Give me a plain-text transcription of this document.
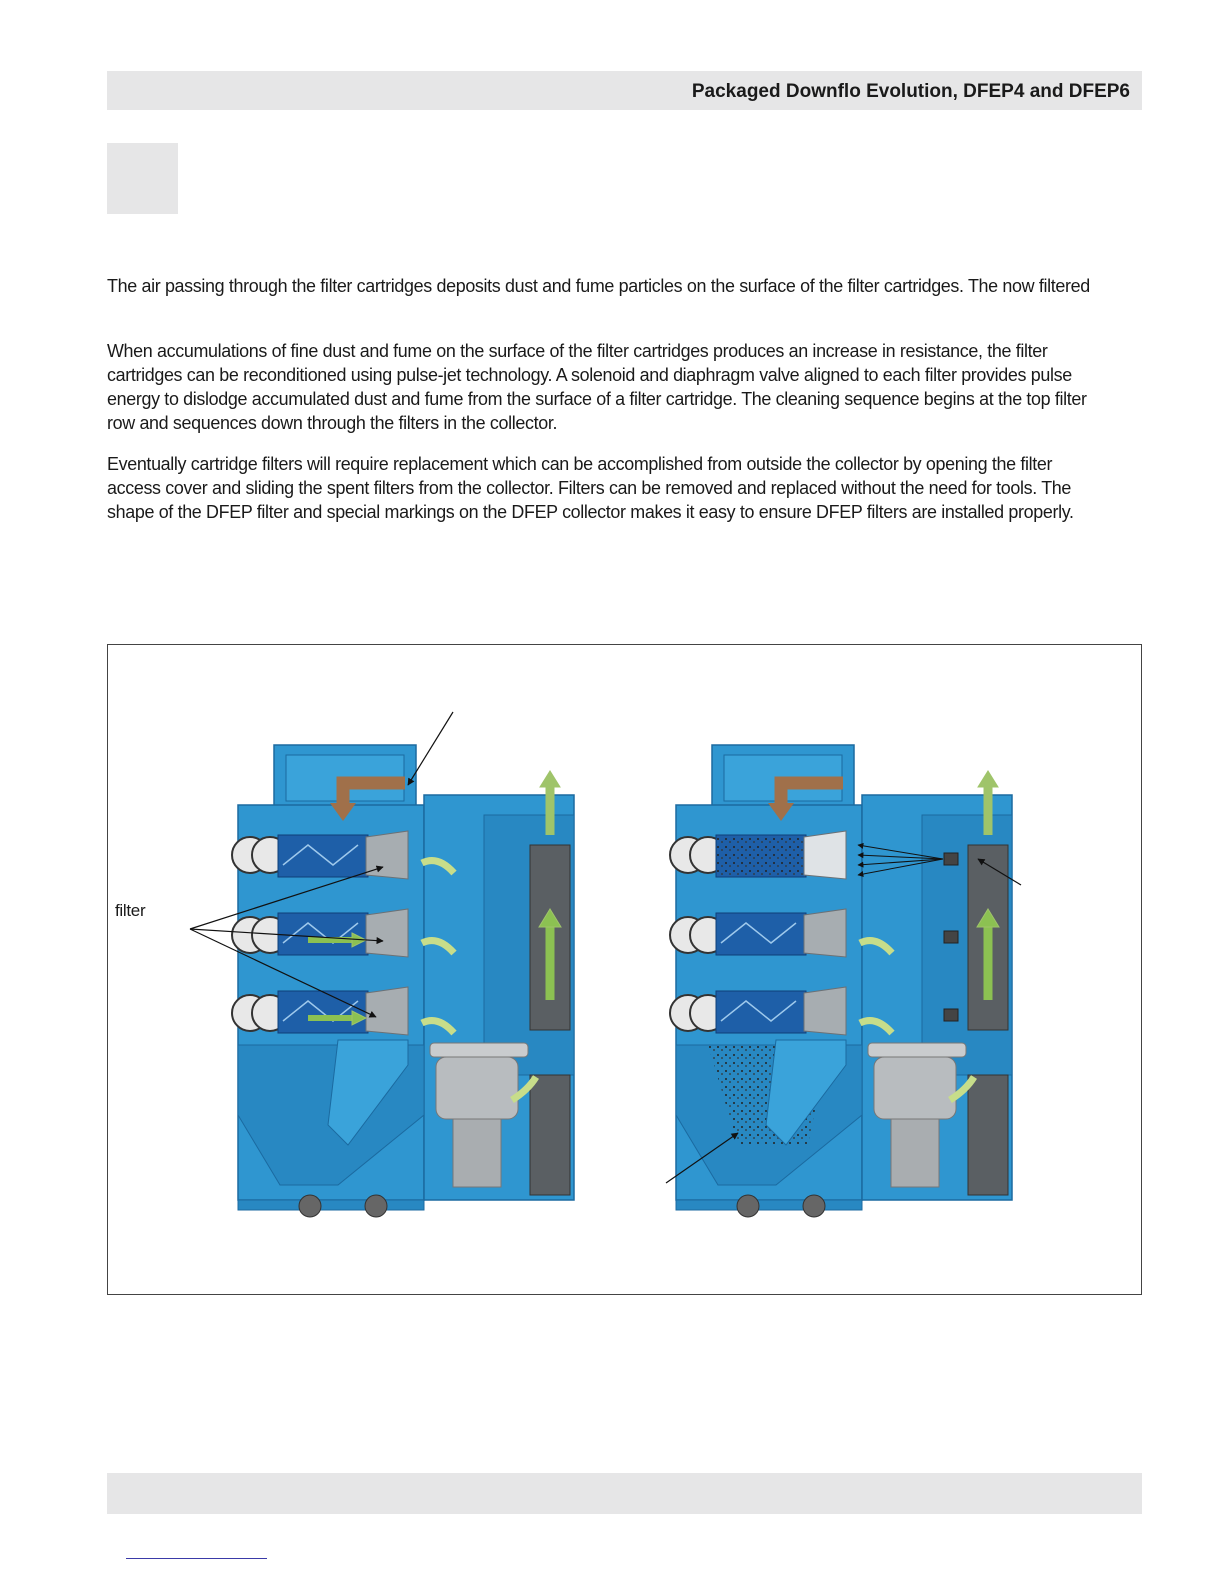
Packaged Downflo Evolution, DFEP4 and DFEP6
The air passing through the filter cartridges deposits dust and fume particles on the surface of the filter cartridges. The now filtered
When accumulations of fine dust and fume on the surface of the filter cartridges produces an increase in resistance, the filter
cartridges can be reconditioned using pulse-jet technology. A solenoid and diaphragm valve aligned to each filter provides pulse
energy to dislodge accumulated dust and fume from the surface of a filter cartridge. The cleaning sequence begins at the top filter
row and sequences down through the filters in the collector.
Eventually cartridge filters will require replacement which can be accomplished from outside the collector by opening the filter
access cover and sliding the spent filters from the collector. Filters can be removed and replaced without the need for tools. The
shape of the DFEP filter and special markings on the DFEP collector makes it easy to ensure DFEP filters are installed properly.
filter
